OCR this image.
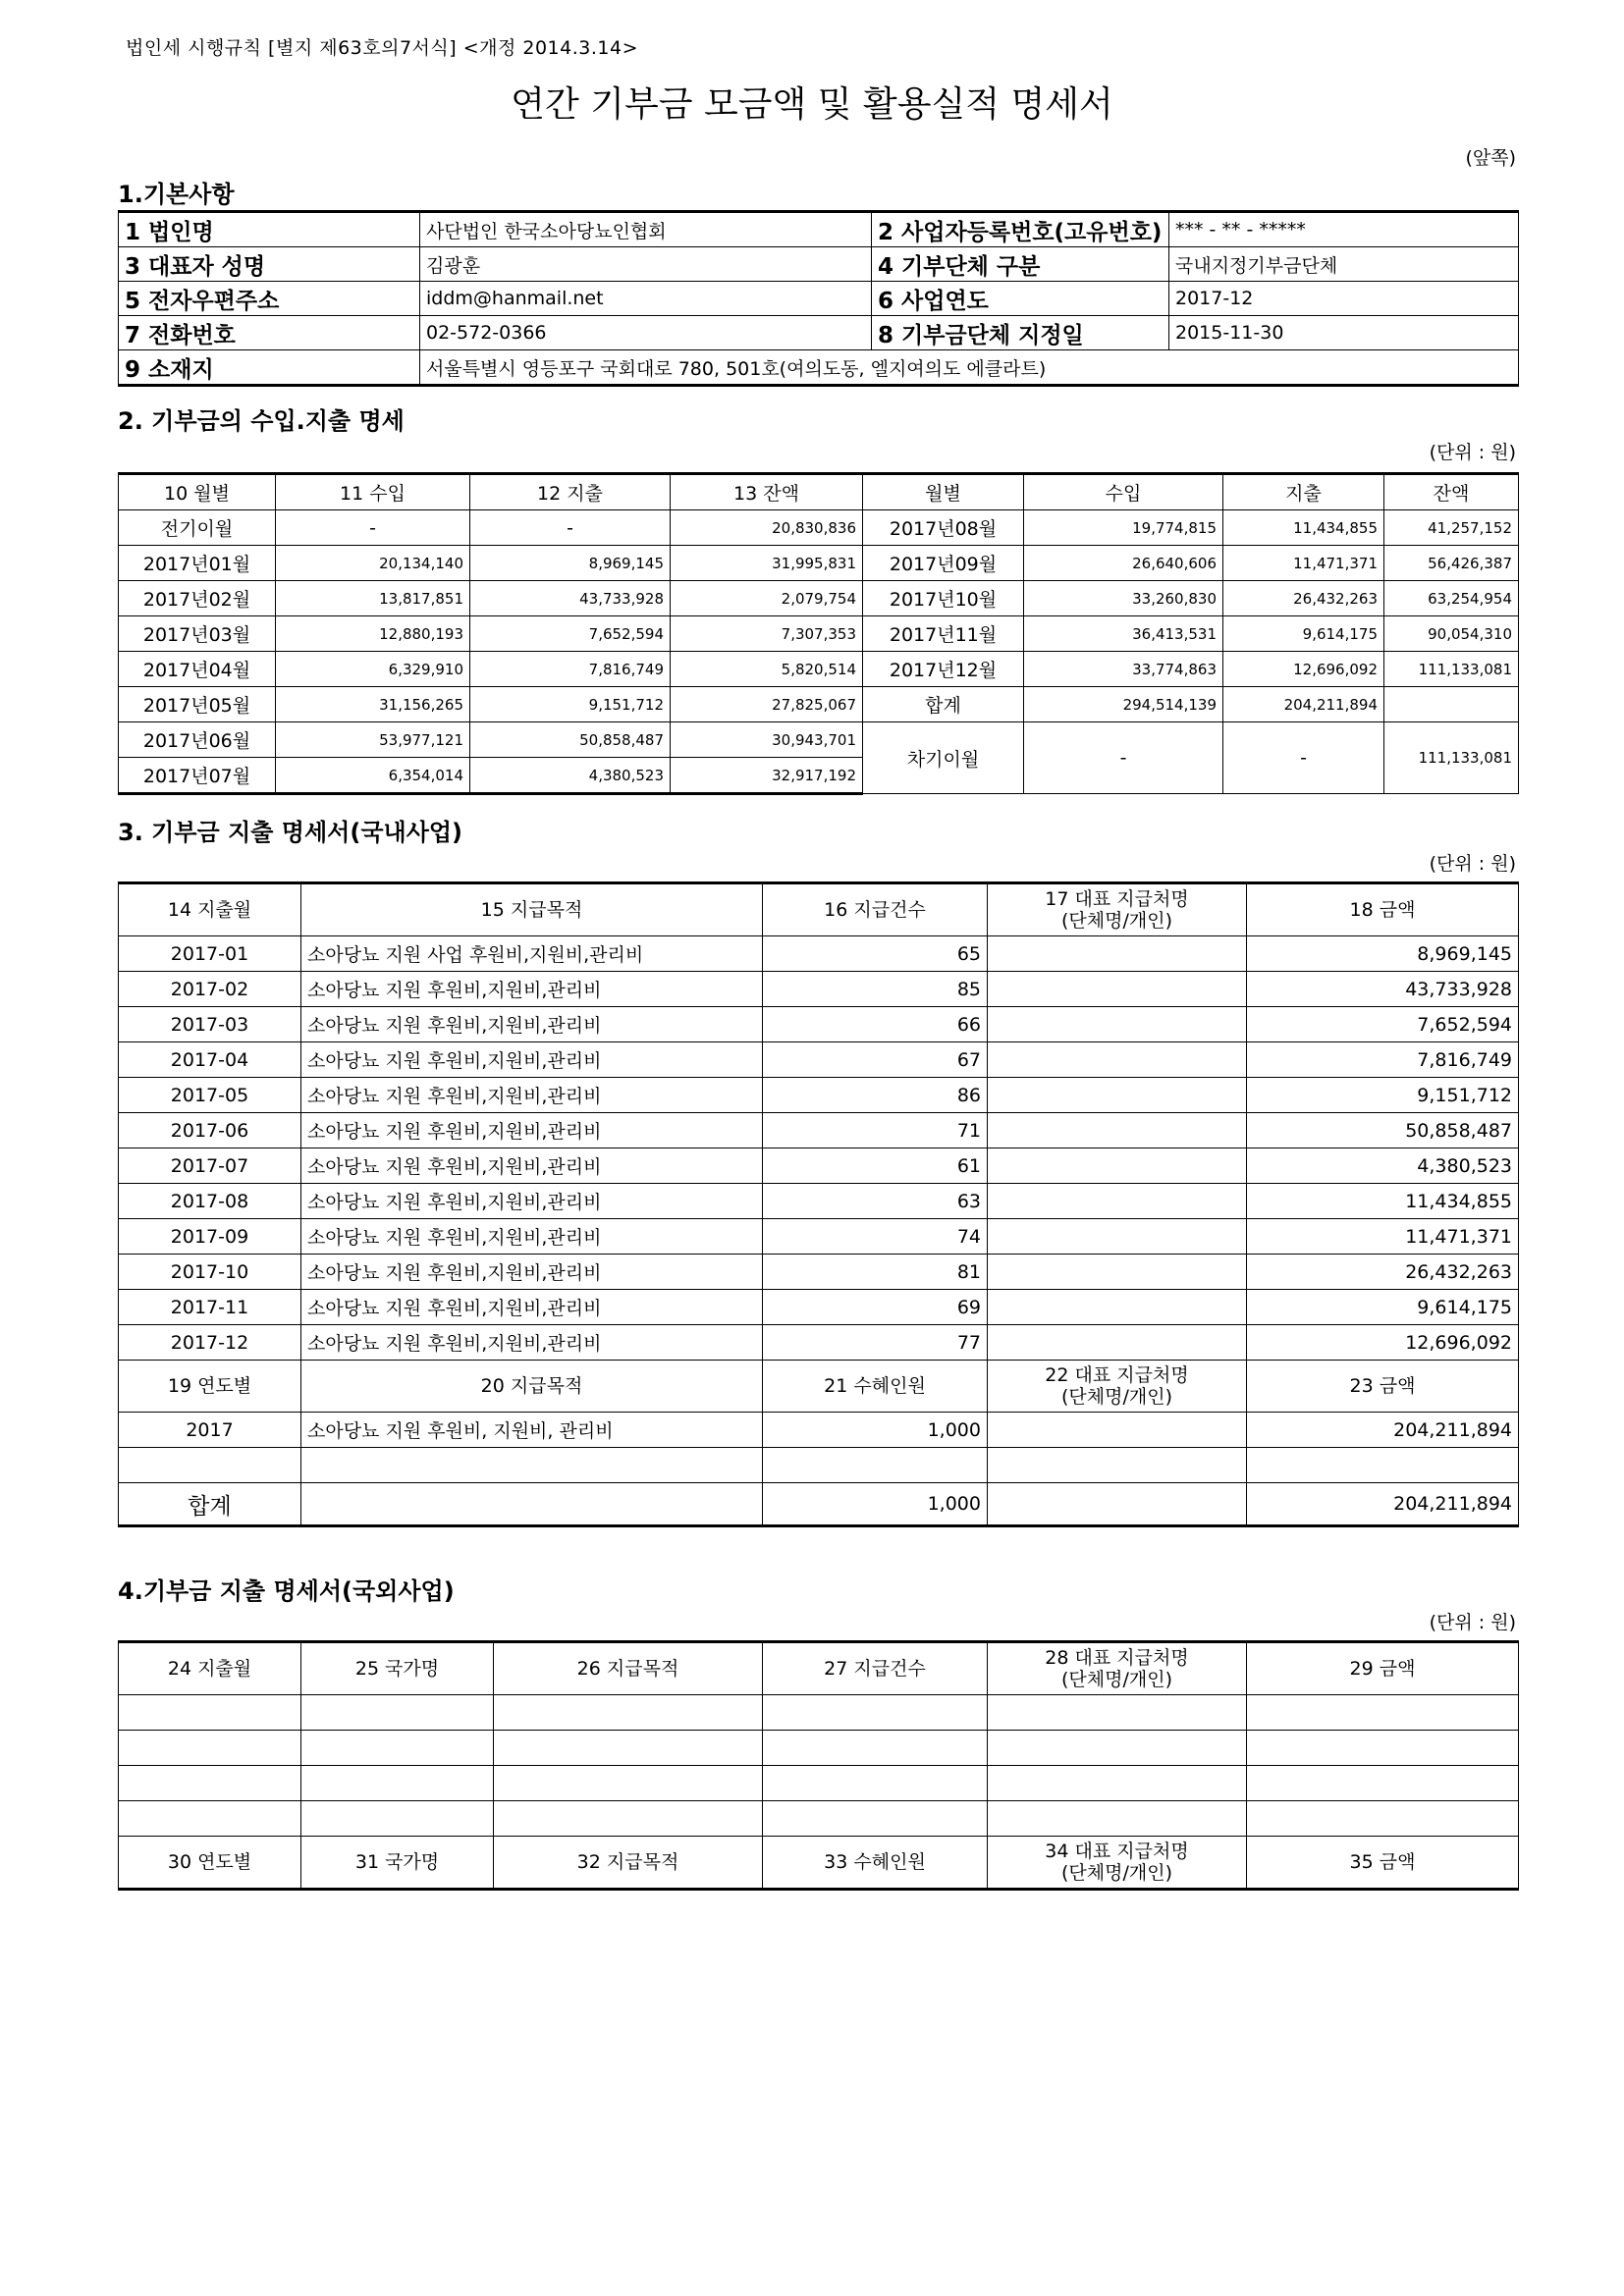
법인세 시행규칙 [별지 제63호의7서식] <개정 2014.3.14>
연간 기부금 모금액 및 활용실적 명세서
(앞쪽)
1.기본사항
1 법인명	사단법인 한국소아당뇨인협회	2 사업자등록번호(고유번호)	*** - ** - *****
3 대표자 성명	김광훈	4 기부단체 구분	국내지정기부금단체
5 전자우편주소	iddm@hanmail.net	6 사업연도	2017-12
7 전화번호	02-572-0366	8 기부금단체 지정일	2015-11-30
9 소재지	서울특별시 영등포구 국회대로 780, 501호(여의도동, 엘지여의도 에클라트)		
2. 기부금의 수입.지출 명세
(단위 : 원)
10 월별	11 수입	12 지출	13 잔액	월별	수입	지출	잔액
전기이월	-	-	20,830,836	2017년08월	19,774,815	11,434,855	41,257,152
2017년01월	20,134,140	8,969,145	31,995,831	2017년09월	26,640,606	11,471,371	56,426,387
2017년02월	13,817,851	43,733,928	2,079,754	2017년10월	33,260,830	26,432,263	63,254,954
2017년03월	12,880,193	7,652,594	7,307,353	2017년11월	36,413,531	9,614,175	90,054,310
2017년04월	6,329,910	7,816,749	5,820,514	2017년12월	33,774,863	12,696,092	111,133,081
2017년05월	31,156,265	9,151,712	27,825,067	합계	294,514,139	204,211,894	
2017년06월	53,977,121	50,858,487	30,943,701	차기이월	-	-	111,133,081
2017년07월	6,354,014	4,380,523	32,917,192				
3. 기부금 지출 명세서(국내사업)
(단위 : 원)
14 지출월	15 지급목적	16 지급건수	17 대표 지급처명
(단체명/개인)	18 금액

2017-01	소아당뇨 지원 사업 후원비,지원비,관리비	65		8,969,145
2017-02	소아당뇨 지원 후원비,지원비,관리비	85		43,733,928
2017-03	소아당뇨 지원 후원비,지원비,관리비	66		7,652,594
2017-04	소아당뇨 지원 후원비,지원비,관리비	67		7,816,749
2017-05	소아당뇨 지원 후원비,지원비,관리비	86		9,151,712
2017-06	소아당뇨 지원 후원비,지원비,관리비	71		50,858,487
2017-07	소아당뇨 지원 후원비,지원비,관리비	61		4,380,523
2017-08	소아당뇨 지원 후원비,지원비,관리비	63		11,434,855
2017-09	소아당뇨 지원 후원비,지원비,관리비	74		11,471,371
2017-10	소아당뇨 지원 후원비,지원비,관리비	81		26,432,263
2017-11	소아당뇨 지원 후원비,지원비,관리비	69		9,614,175
2017-12	소아당뇨 지원 후원비,지원비,관리비	77		12,696,092

19 연도별	20 지급목적	21 수혜인원	22 대표 지급처명
(단체명/개인)	23 금액

2017	소아당뇨 지원 후원비, 지원비, 관리비	1,000		204,211,894

합계		1,000		204,211,894
4.기부금 지출 명세서(국외사업)
(단위 : 원)
24 지출월	25 국가명	26 지급목적	27 지급건수	28 대표 지급처명
(단체명/개인)	29 금액

30 연도별	31 국가명	32 지급목적	33 수혜인원	34 대표 지급처명
(단체명/개인)	35 금액
